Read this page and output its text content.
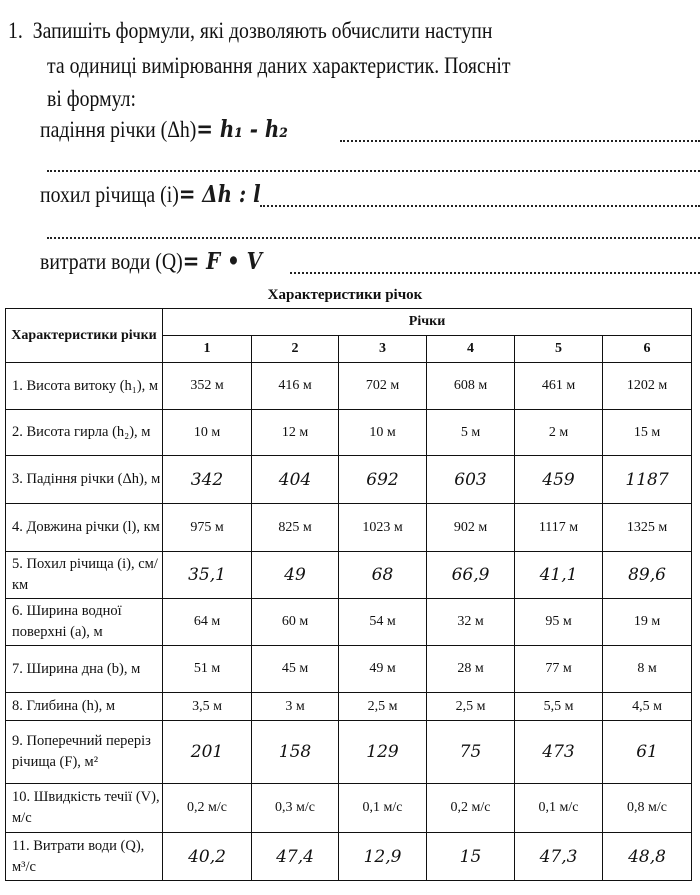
1. Запишіть формули, які дозволяють обчислити наступн
та одиниці вимірювання даних характеристик. Поясніт
ві формул:
падіння річки (Δh)= h₁ - h₂
похил річища (i)= Δh : l
витрати води (Q)= F • V
Характеристики річок
Характеристики річки	Річки					
	1	2	3	4	5	6
1. Висота витоку (h₁), м	352 м	416 м	702 м	608 м	461 м	1202 м
2. Висота гирла (h₂), м	10 м	12 м	10 м	5 м	2 м	15 м
3. Падіння річки (Δh), м	342	404	692	603	459	1187
4. Довжина річки (l), км	975 м	825 м	1023 м	902 м	1117 м	1325 м
5. Похил річища (i), см/км	35,1	49	68	66,9	41,1	89,6
6. Ширина водної поверхні (a), м	64 м	60 м	54 м	32 м	95 м	19 м
7. Ширина дна (b), м	51 м	45 м	49 м	28 м	77 м	8 м
8. Глибина (h), м	3,5 м	3 м	2,5 м	2,5 м	5,5 м	4,5 м
9. Поперечний переріз річища (F), м²	201	158	129	75	473	61
10. Швидкість течії (V), м/с	0,2 м/с	0,3 м/с	0,1 м/с	0,2 м/с	0,1 м/с	0,8 м/с
11. Витрати води (Q), м³/с	40,2	47,4	12,9	15	47,3	48,8
